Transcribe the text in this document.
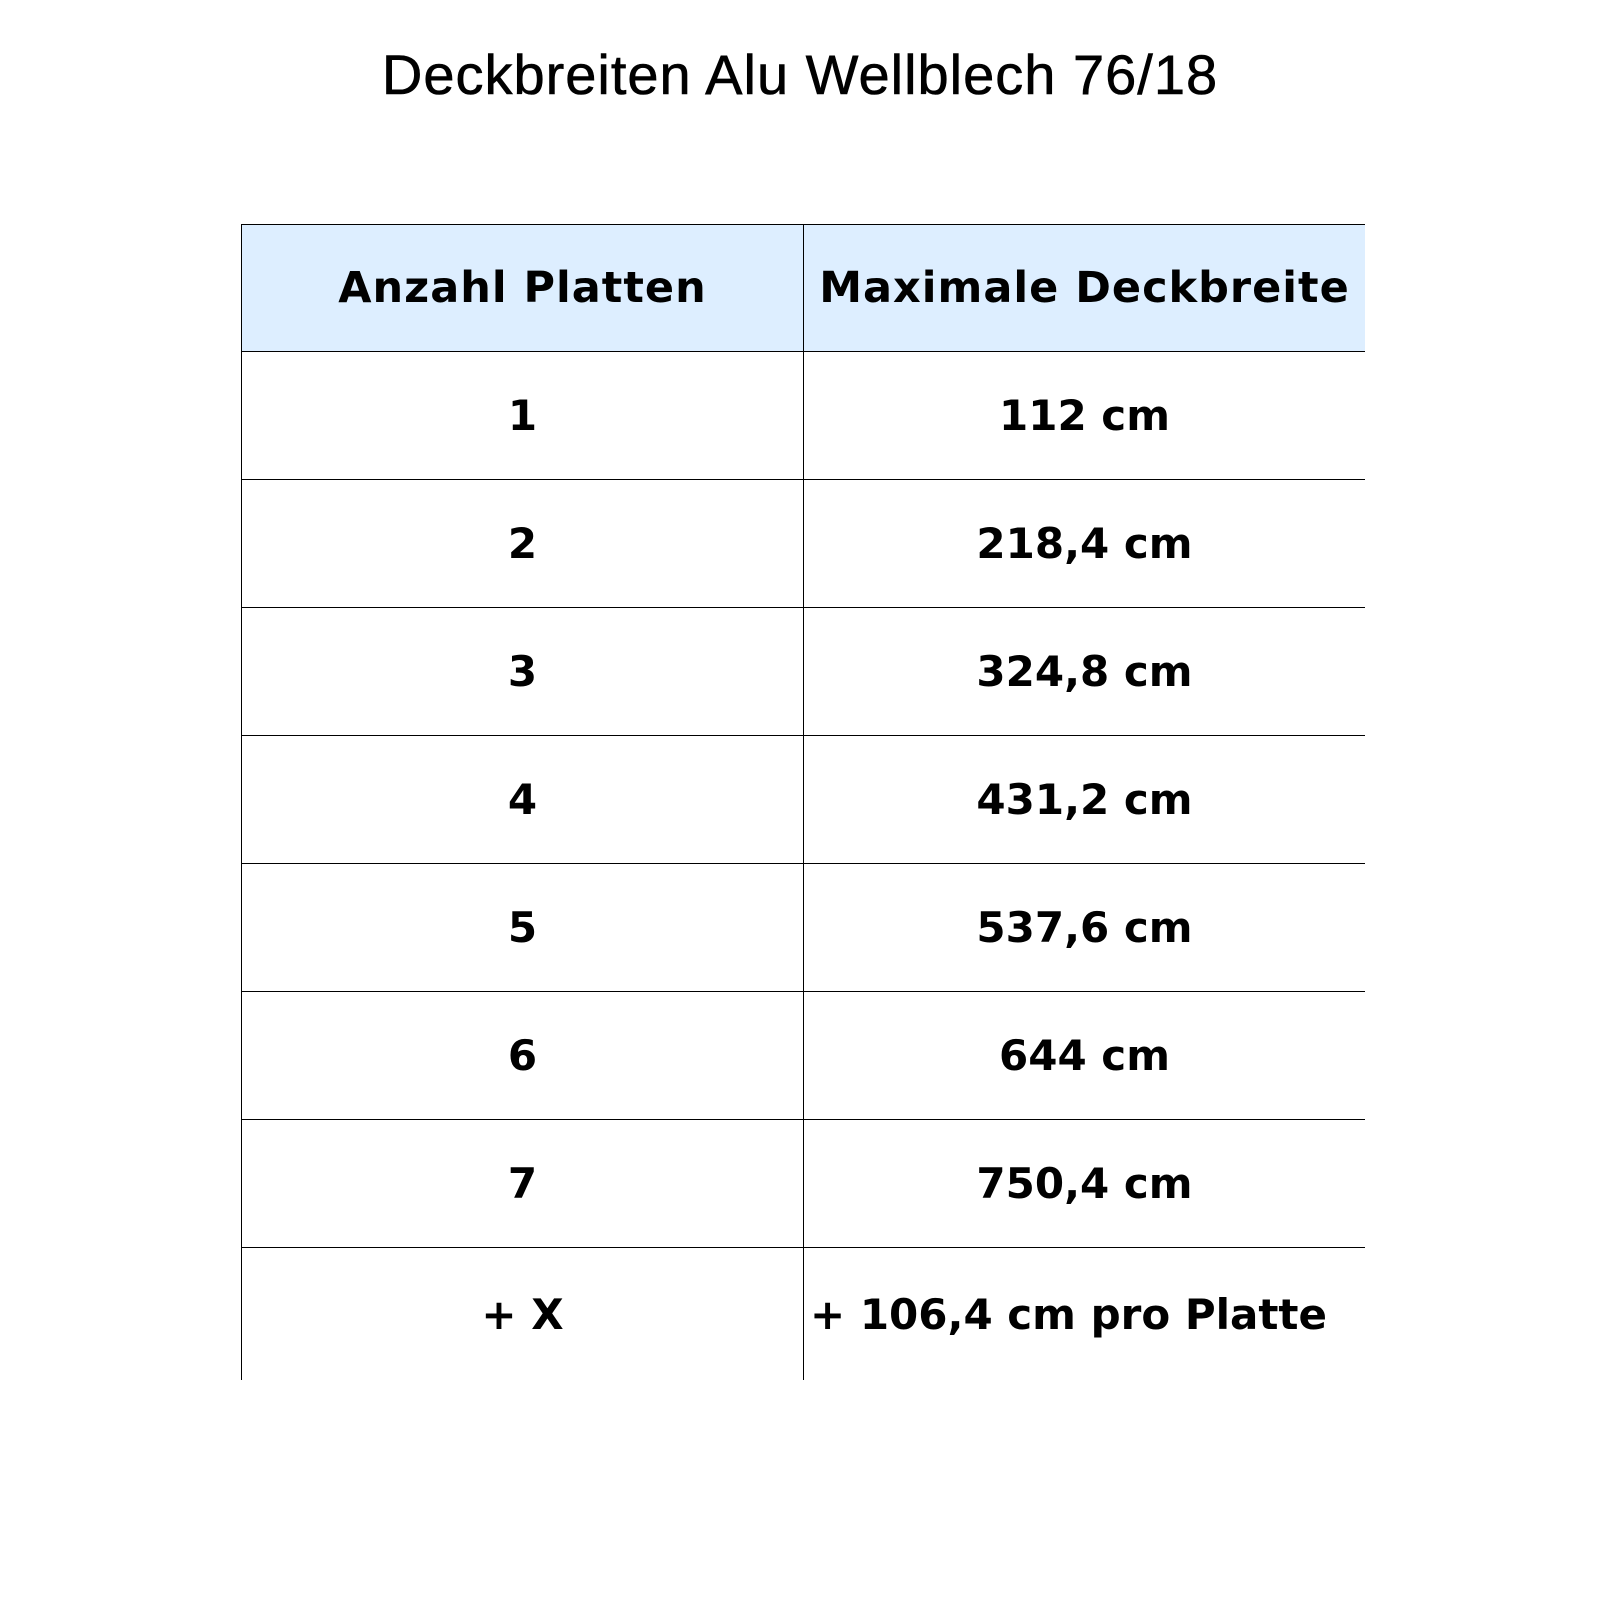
Deckbreiten Alu Wellblech 76/18
Anzahl Platten	Maximale Deckbreite
1	112 cm
2	218,4 cm
3	324,8 cm
4	431,2 cm
5	537,6 cm
6	644 cm
7	750,4 cm
+ X	+ 106,4 cm pro Platte
